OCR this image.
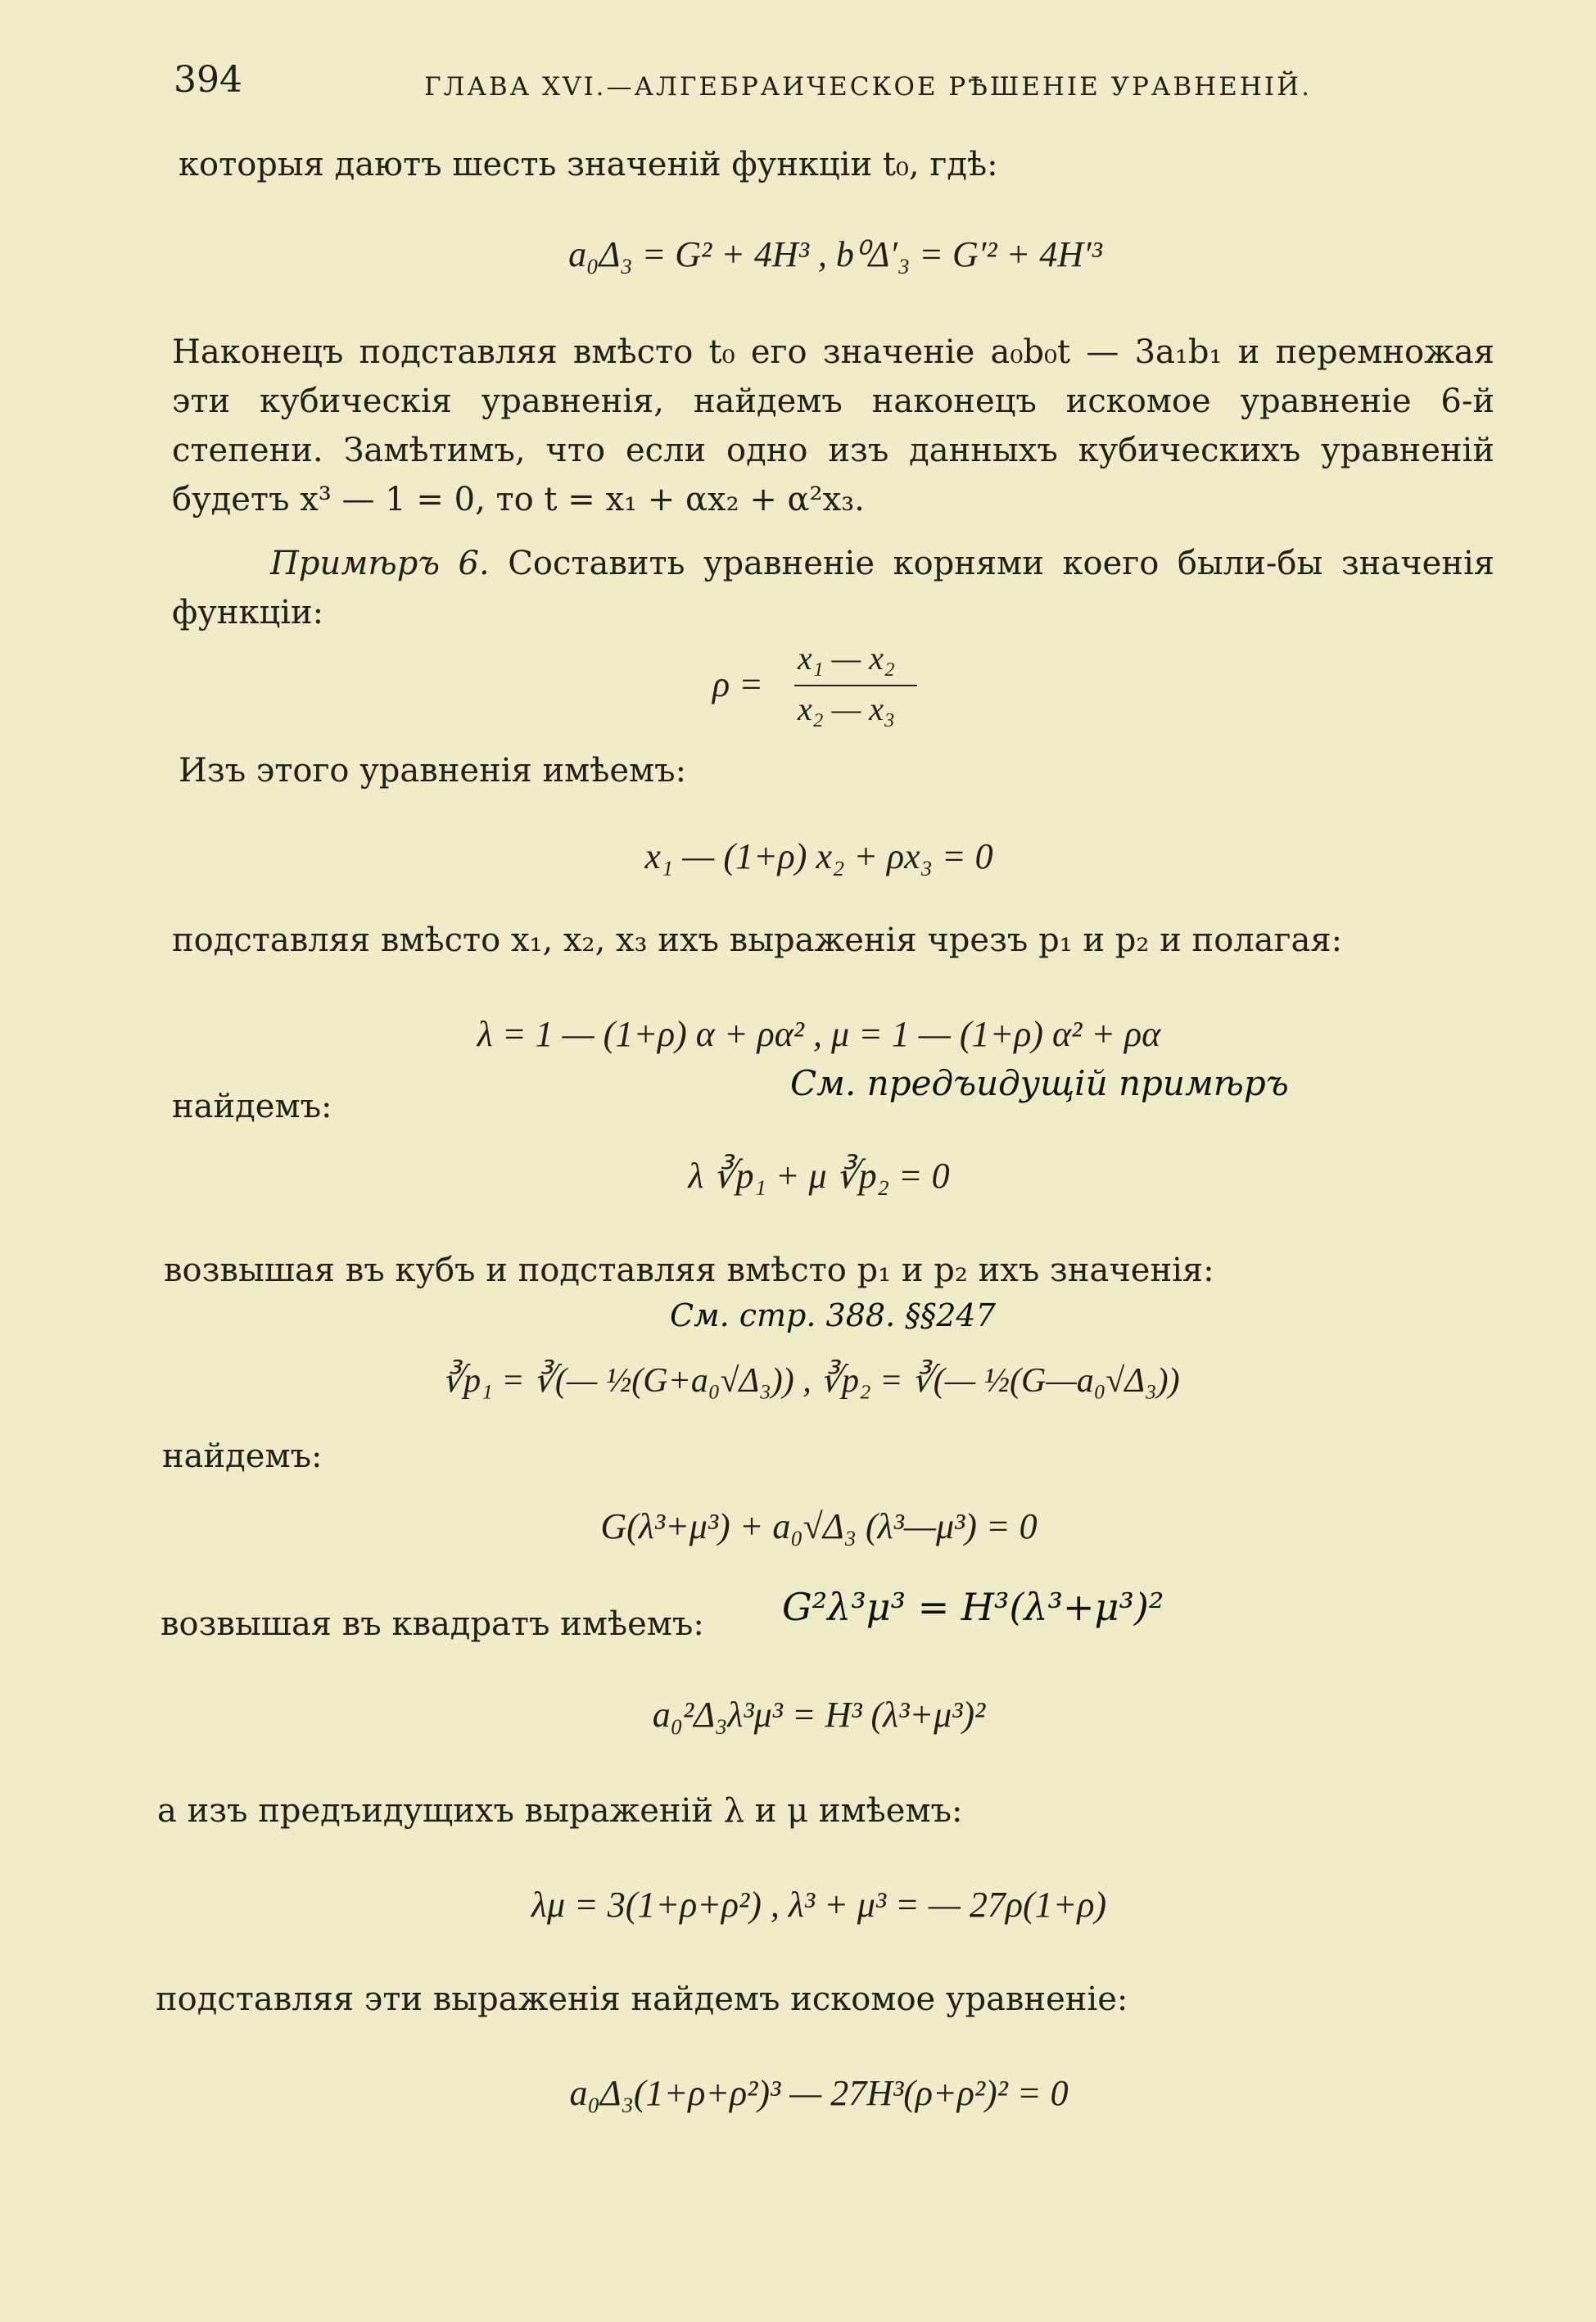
394	ГЛАВА XVI.—АЛГЕБРАИЧЕСКОЕ РѢШЕНІЕ УРАВНЕНІЙ.
которыя даютъ шесть значеній функціи t₀, гдѣ:
a₀Δ₃ = G² + 4H³ , b⁰Δ′₃ = G′² + 4H′³
Наконецъ подставляя вмѣсто t₀ его значеніе a₀b₀t — 3a₁b₁ и перемножая эти кубическія уравненія, найдемъ наконецъ искомое уравненіе 6-й степени. Замѣтимъ, что если одно изъ данныхъ кубическихъ уравненій будетъ x³ — 1 = 0, то t = x₁ + αx₂ + α²x₃.
Примѣръ 6. Составить уравненіе корнями коего были-бы значенія функціи:
ρ =
x₁ — x₂
x₂ — x₃
Изъ этого уравненія имѣемъ:
x₁ — (1+ρ) x₂ + ρx₃ = 0
подставляя вмѣсто x₁, x₂, x₃ ихъ выраженія чрезъ p₁ и p₂ и полагая:
λ = 1 — (1+ρ) α + ρα² , μ = 1 — (1+ρ) α² + ρα
См. предъидущій примѣръ
найдемъ:
λ ∛p₁ + μ ∛p₂ = 0
возвышая въ кубъ и подставляя вмѣсто p₁ и p₂ ихъ значенія:
См. стр. 388. §§247
∛p₁ = ∛(— ½(G+a₀√Δ₃)) , ∛p₂ = ∛(— ½(G—a₀√Δ₃))
найдемъ:
G(λ³+μ³) + a₀√Δ₃ (λ³—μ³) = 0
возвышая въ квадратъ имѣемъ: G²λ³μ³ = H³(λ³+μ³)²
a₀²Δ₃λ³μ³ = H³ (λ³+μ³)²
а изъ предъидущихъ выраженій λ и μ имѣемъ:
λμ = 3(1+ρ+ρ²) , λ³ + μ³ = — 27ρ(1+ρ)
подставляя эти выраженія найдемъ искомое уравненіе:
a₀Δ₃(1+ρ+ρ²)³ — 27H³(ρ+ρ²)² = 0
